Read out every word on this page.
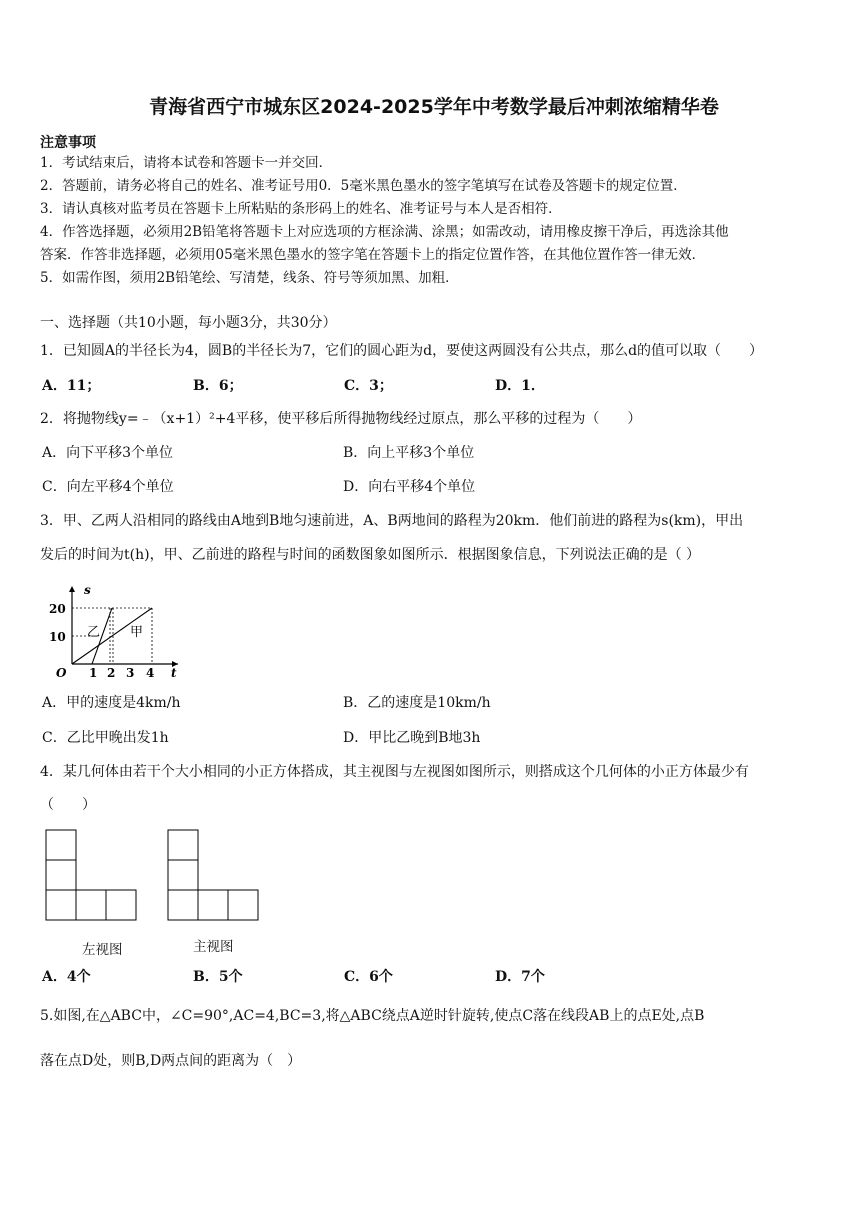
青海省西宁市城东区2024-2025学年中考数学最后冲刺浓缩精华卷
注意事项
1．考试结束后，请将本试卷和答题卡一并交回．
2．答题前，请务必将自己的姓名、准考证号用0．5毫米黑色墨水的签字笔填写在试卷及答题卡的规定位置．
3．请认真核对监考员在答题卡上所粘贴的条形码上的姓名、准考证号与本人是否相符．
4．作答选择题，必须用2B铅笔将答题卡上对应选项的方框涂满、涂黑；如需改动，请用橡皮擦干净后，再选涂其他
答案．作答非选择题，必须用05毫米黑色墨水的签字笔在答题卡上的指定位置作答，在其他位置作答一律无效．
5．如需作图，须用2B铅笔绘、写清楚，线条、符号等须加黑、加粗．
一、选择题（共10小题，每小题3分，共30分）
1．已知圆A的半径长为4，圆B的半径长为7，它们的圆心距为d，要使这两圆没有公共点，那么d的值可以取（　　）
A．11；	B．6；	C．3；	D．1．
2．将抛物线y=﹣（x+1）²+4平移，使平移后所得抛物线经过原点，那么平移的过程为（　　）
A．向下平移3个单位	B．向上平移3个单位
C．向左平移4个单位	D．向右平移4个单位
3．甲、乙两人沿相同的路线由A地到B地匀速前进，A、B两地间的路程为20km．他们前进的路程为s(km)，甲出
发后的时间为t(h)，甲、乙前进的路程与时间的函数图象如图所示．根据图象信息，下列说法正确的是（ ）
s
t
O
20
10
1 2 3 4
乙 甲
A．甲的速度是4km/h	B．乙的速度是10km/h
C．乙比甲晚出发1h	D．甲比乙晚到B地3h
4．某几何体由若干个大小相同的小正方体搭成，其主视图与左视图如图所示，则搭成这个几何体的小正方体最少有
（　　）
左视图	主视图
A．4个	B．5个	C．6个	D．7个
5.如图,在△ABC中，∠C=90°,AC=4,BC=3,将△ABC绕点A逆时针旋转,使点C落在线段AB上的点E处,点B
落在点D处，则B,D两点间的距离为（　）
